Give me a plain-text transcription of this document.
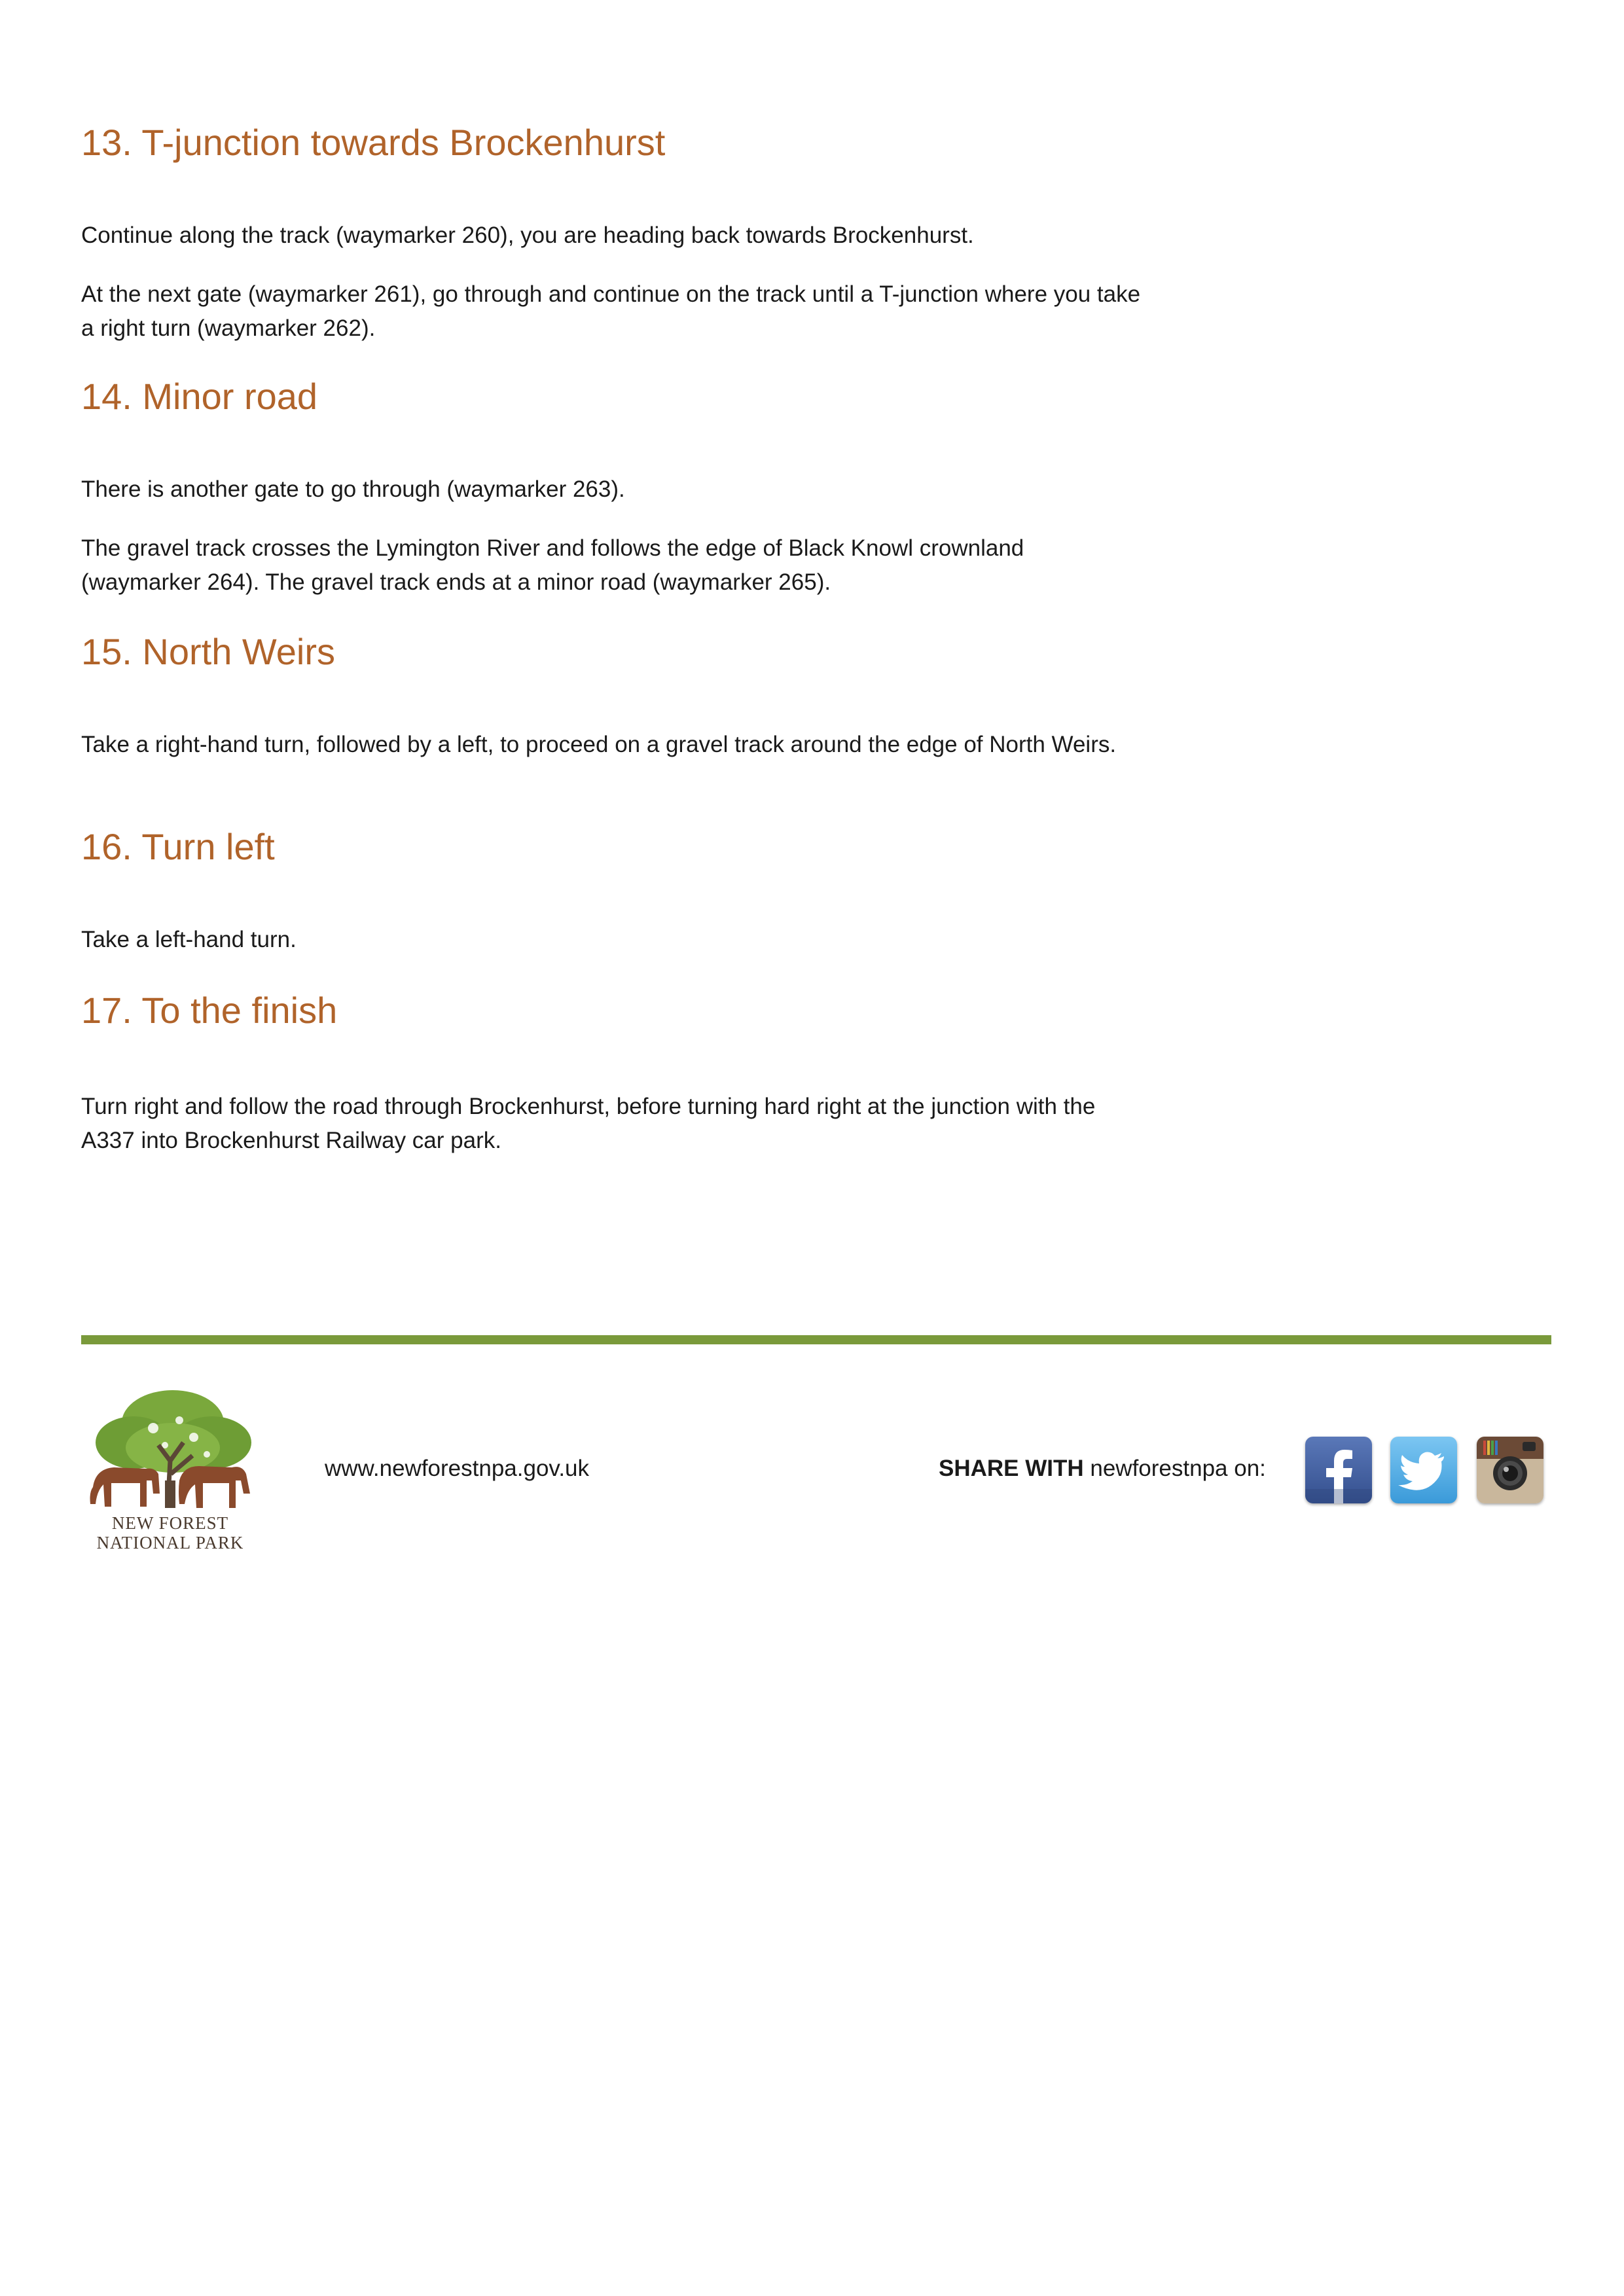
13. T-junction towards Brockenhurst

Continue along the track (waymarker 260), you are heading back towards Brockenhurst.

At the next gate (waymarker 261), go through and continue on the track until a T-junction where you take a right turn (waymarker 262).

14. Minor road

There is another gate to go through (waymarker 263).

The gravel track crosses the Lymington River and follows the edge of Black Knowl crownland (waymarker 264). The gravel track ends at a minor road (waymarker 265).

15. North Weirs

Take a right-hand turn, followed by a left, to proceed on a gravel track around the edge of North Weirs.

16. Turn left

Take a left-hand turn.

17. To the finish

Turn right and follow the road through Brockenhurst, before turning hard right at the junction with the A337 into Brockenhurst Railway car park.

NEW FOREST
NATIONAL PARK
www.newforestnpa.gov.uk	SHARE WITH newforestnpa on:
